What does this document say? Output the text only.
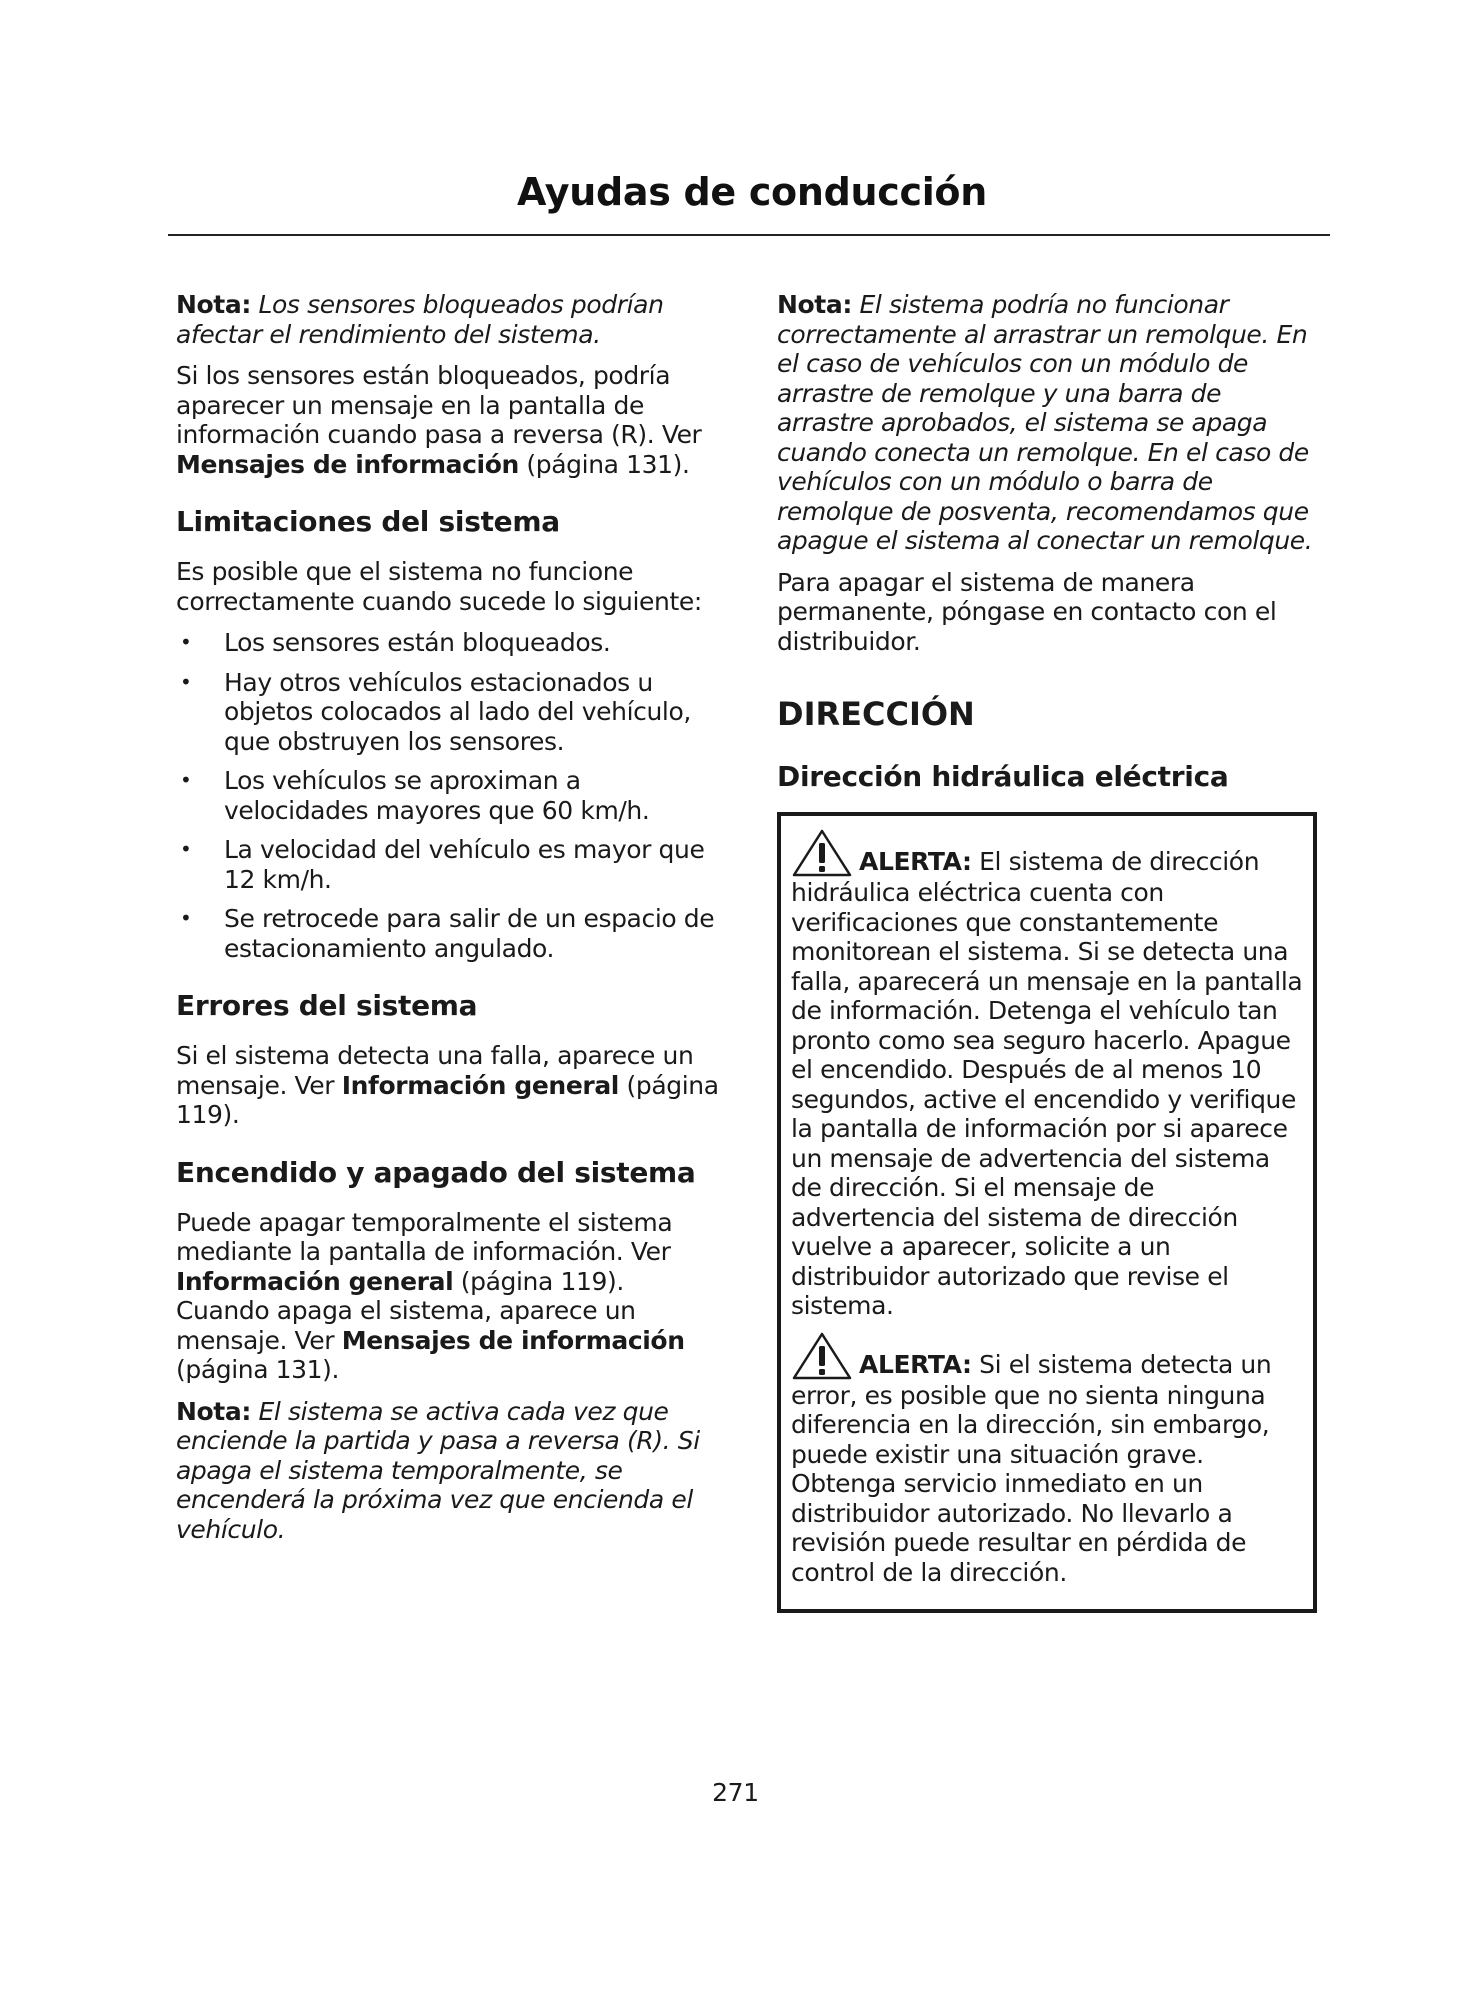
Ayudas de conducción

Nota: Los sensores bloqueados podrían afectar el rendimiento del sistema.

Si los sensores están bloqueados, podría aparecer un mensaje en la pantalla de información cuando pasa a reversa (R). Ver Mensajes de información (página 131).

Limitaciones del sistema

Es posible que el sistema no funcione correctamente cuando sucede lo siguiente:

• Los sensores están bloqueados.
• Hay otros vehículos estacionados u objetos colocados al lado del vehículo, que obstruyen los sensores.
• Los vehículos se aproximan a velocidades mayores que 60 km/h.
• La velocidad del vehículo es mayor que 12 km/h.
• Se retrocede para salir de un espacio de estacionamiento angulado.
Errores del sistema

Si el sistema detecta una falla, aparece un mensaje. Ver Información general (página 119).

Encendido y apagado del sistema

Puede apagar temporalmente el sistema mediante la pantalla de información. Ver Información general (página 119). Cuando apaga el sistema, aparece un mensaje. Ver Mensajes de información (página 131).

Nota: El sistema se activa cada vez que enciende la partida y pasa a reversa (R). Si apaga el sistema temporalmente, se encenderá la próxima vez que encienda el vehículo.

Nota: El sistema podría no funcionar correctamente al arrastrar un remolque. En el caso de vehículos con un módulo de arrastre de remolque y una barra de arrastre aprobados, el sistema se apaga cuando conecta un remolque. En el caso de vehículos con un módulo o barra de remolque de posventa, recomendamos que apague el sistema al conectar un remolque.

Para apagar el sistema de manera permanente, póngase en contacto con el distribuidor.

DIRECCIÓN
Dirección hidráulica eléctrica

ALERTA: El sistema de dirección hidráulica eléctrica cuenta con verificaciones que constantemente monitorean el sistema. Si se detecta una falla, aparecerá un mensaje en la pantalla de información. Detenga el vehículo tan pronto como sea seguro hacerlo. Apague el encendido. Después de al menos 10 segundos, active el encendido y verifique la pantalla de información por si aparece un mensaje de advertencia del sistema de dirección. Si el mensaje de advertencia del sistema de dirección vuelve a aparecer, solicite a un distribuidor autorizado que revise el sistema.

ALERTA: Si el sistema detecta un error, es posible que no sienta ninguna diferencia en la dirección, sin embargo, puede existir una situación grave. Obtenga servicio inmediato en un distribuidor autorizado. No llevarlo a revisión puede resultar en pérdida de control de la dirección.

271
